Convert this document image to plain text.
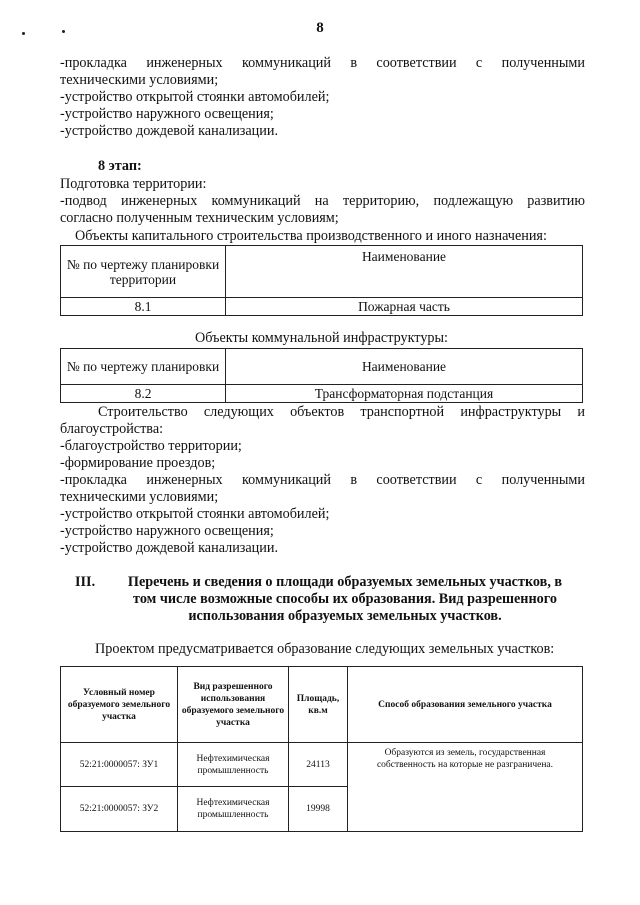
8
-прокладка инженерных коммуникаций в соответствии с полученными
техническими условиями;
-устройство открытой стоянки автомобилей;
-устройство наружного освещения;
-устройство дождевой канализации.
8 этап:
Подготовка территории:
-подвод инженерных коммуникаций на территорию, подлежащую развитию
согласно полученным техническим условиям;
Объекты капитального строительства производственного и иного назначения:
№ по чертежу планировки территории	Наименование
8.1	Пожарная часть
Объекты коммунальной инфраструктуры:
№ по чертежу планировки	Наименование
8.2	Трансформаторная подстанция
Строительство следующих объектов транспортной инфраструктуры и
благоустройства:
-благоустройство территории;
-формирование проездов;
-прокладка инженерных коммуникаций в соответствии с полученными
техническими условиями;
-устройство открытой стоянки автомобилей;
-устройство наружного освещения;
-устройство дождевой канализации.
III.	Перечень и сведения о площади образуемых земельных участков, в
том числе возможные способы их образования. Вид разрешенного
использования образуемых земельных участков.
Проектом предусматривается образование следующих земельных участков:
Условный номер образуемого земельного участка	Вид разрешенного использования образуемого земельного участка	Площадь, кв.м	Способ образования земельного участка
52:21:0000057: ЗУ1	Нефтехимическая промышленность	24113	Образуются из земель, государственная собственность на которые не разграничена.
52:21:0000057: ЗУ2	Нефтехимическая промышленность	19998	
